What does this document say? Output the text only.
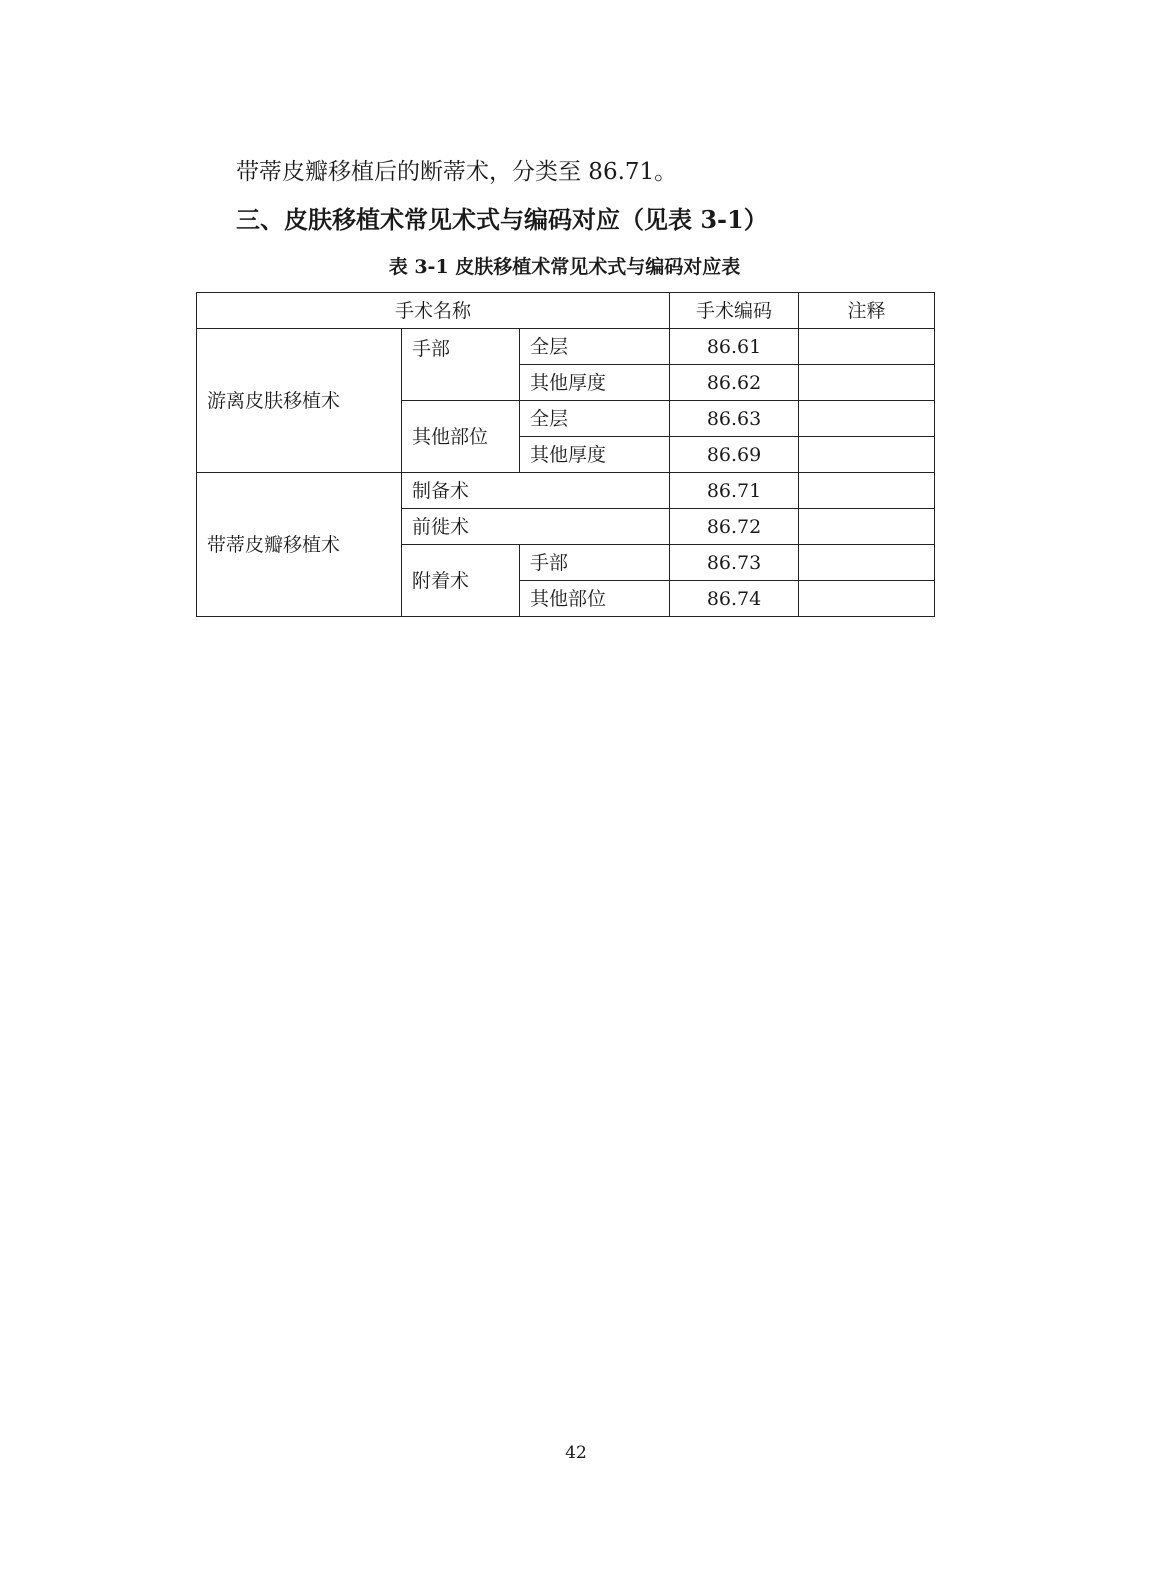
带蒂皮瓣移植后的断蒂术，分类至 86.71。

三、皮肤移植术常见术式与编码对应（见表 3-1）
表 3-1 皮肤移植术常见术式与编码对应表
手术名称			手术编码	注释
游离皮肤移植术	手部	全层	86.61	
		其他厚度	86.62	
	其他部位	全层	86.63	
		其他厚度	86.69	
带蒂皮瓣移植术	制备术		86.71	
	前徙术		86.72	
	附着术	手部	86.73	
		其他部位	86.74	
42
